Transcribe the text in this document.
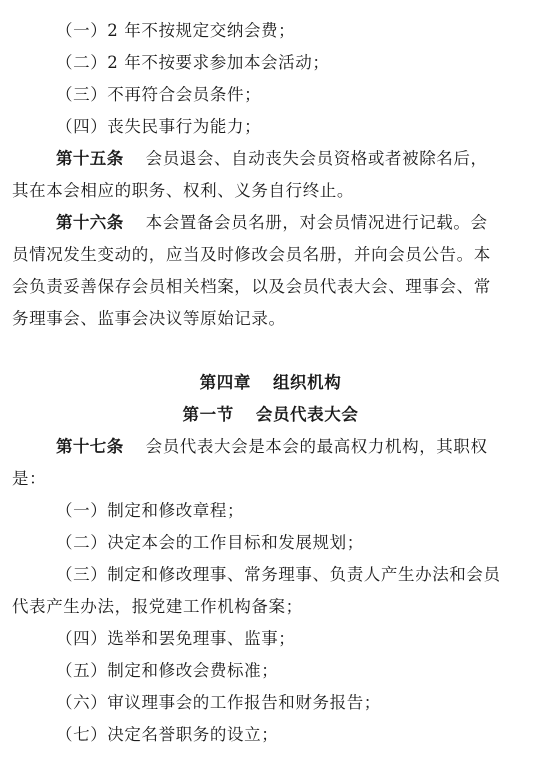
（一）2 年不按规定交纳会费；
（二）2 年不按要求参加本会活动；
（三）不再符合会员条件；
（四）丧失民事行为能力；
第十五条 会员退会、自动丧失会员资格或者被除名后，
其在本会相应的职务、权利、义务自行终止。
第十六条 本会置备会员名册，对会员情况进行记载。会
员情况发生变动的，应当及时修改会员名册，并向会员公告。本
会负责妥善保存会员相关档案，以及会员代表大会、理事会、常
务理事会、监事会决议等原始记录。
第四章 组织机构
第一节 会员代表大会
第十七条 会员代表大会是本会的最高权力机构，其职权
是：
（一）制定和修改章程；
（二）决定本会的工作目标和发展规划；
（三）制定和修改理事、常务理事、负责人产生办法和会员
代表产生办法，报党建工作机构备案；
（四）选举和罢免理事、监事；
（五）制定和修改会费标准；
（六）审议理事会的工作报告和财务报告；
（七）决定名誉职务的设立；
